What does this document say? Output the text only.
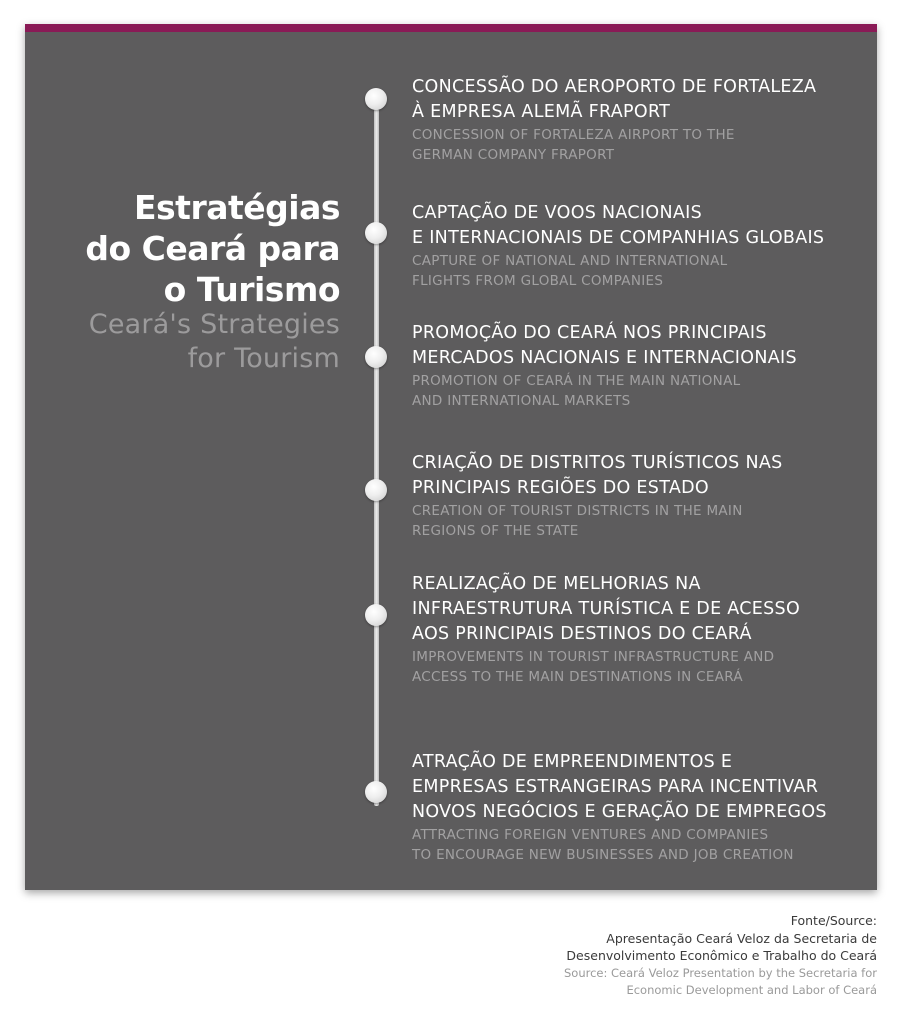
Estratégias
do Ceará para
o Turismo
Ceará's Strategies
for Tourism
CONCESSÃO DO AEROPORTO DE FORTALEZA
À EMPRESA ALEMÃ FRAPORT
CONCESSION OF FORTALEZA AIRPORT TO THE
GERMAN COMPANY FRAPORT
CAPTAÇÃO DE VOOS NACIONAIS
E INTERNACIONAIS DE COMPANHIAS GLOBAIS
CAPTURE OF NATIONAL AND INTERNATIONAL
FLIGHTS FROM GLOBAL COMPANIES
PROMOÇÃO DO CEARÁ NOS PRINCIPAIS
MERCADOS NACIONAIS E INTERNACIONAIS
PROMOTION OF CEARÁ IN THE MAIN NATIONAL
AND INTERNATIONAL MARKETS
CRIAÇÃO DE DISTRITOS TURÍSTICOS NAS
PRINCIPAIS REGIÕES DO ESTADO
CREATION OF TOURIST DISTRICTS IN THE MAIN
REGIONS OF THE STATE
REALIZAÇÃO DE MELHORIAS NA
INFRAESTRUTURA TURÍSTICA E DE ACESSO
AOS PRINCIPAIS DESTINOS DO CEARÁ
IMPROVEMENTS IN TOURIST INFRASTRUCTURE AND
ACCESS TO THE MAIN DESTINATIONS IN CEARÁ
ATRAÇÃO DE EMPREENDIMENTOS E
EMPRESAS ESTRANGEIRAS PARA INCENTIVAR
NOVOS NEGÓCIOS E GERAÇÃO DE EMPREGOS
ATTRACTING FOREIGN VENTURES AND COMPANIES
TO ENCOURAGE NEW BUSINESSES AND JOB CREATION
Fonte/Source:
Apresentação Ceará Veloz da Secretaria de
Desenvolvimento Econômico e Trabalho do Ceará
Source: Ceará Veloz Presentation by the Secretaria for
Economic Development and Labor of Ceará
